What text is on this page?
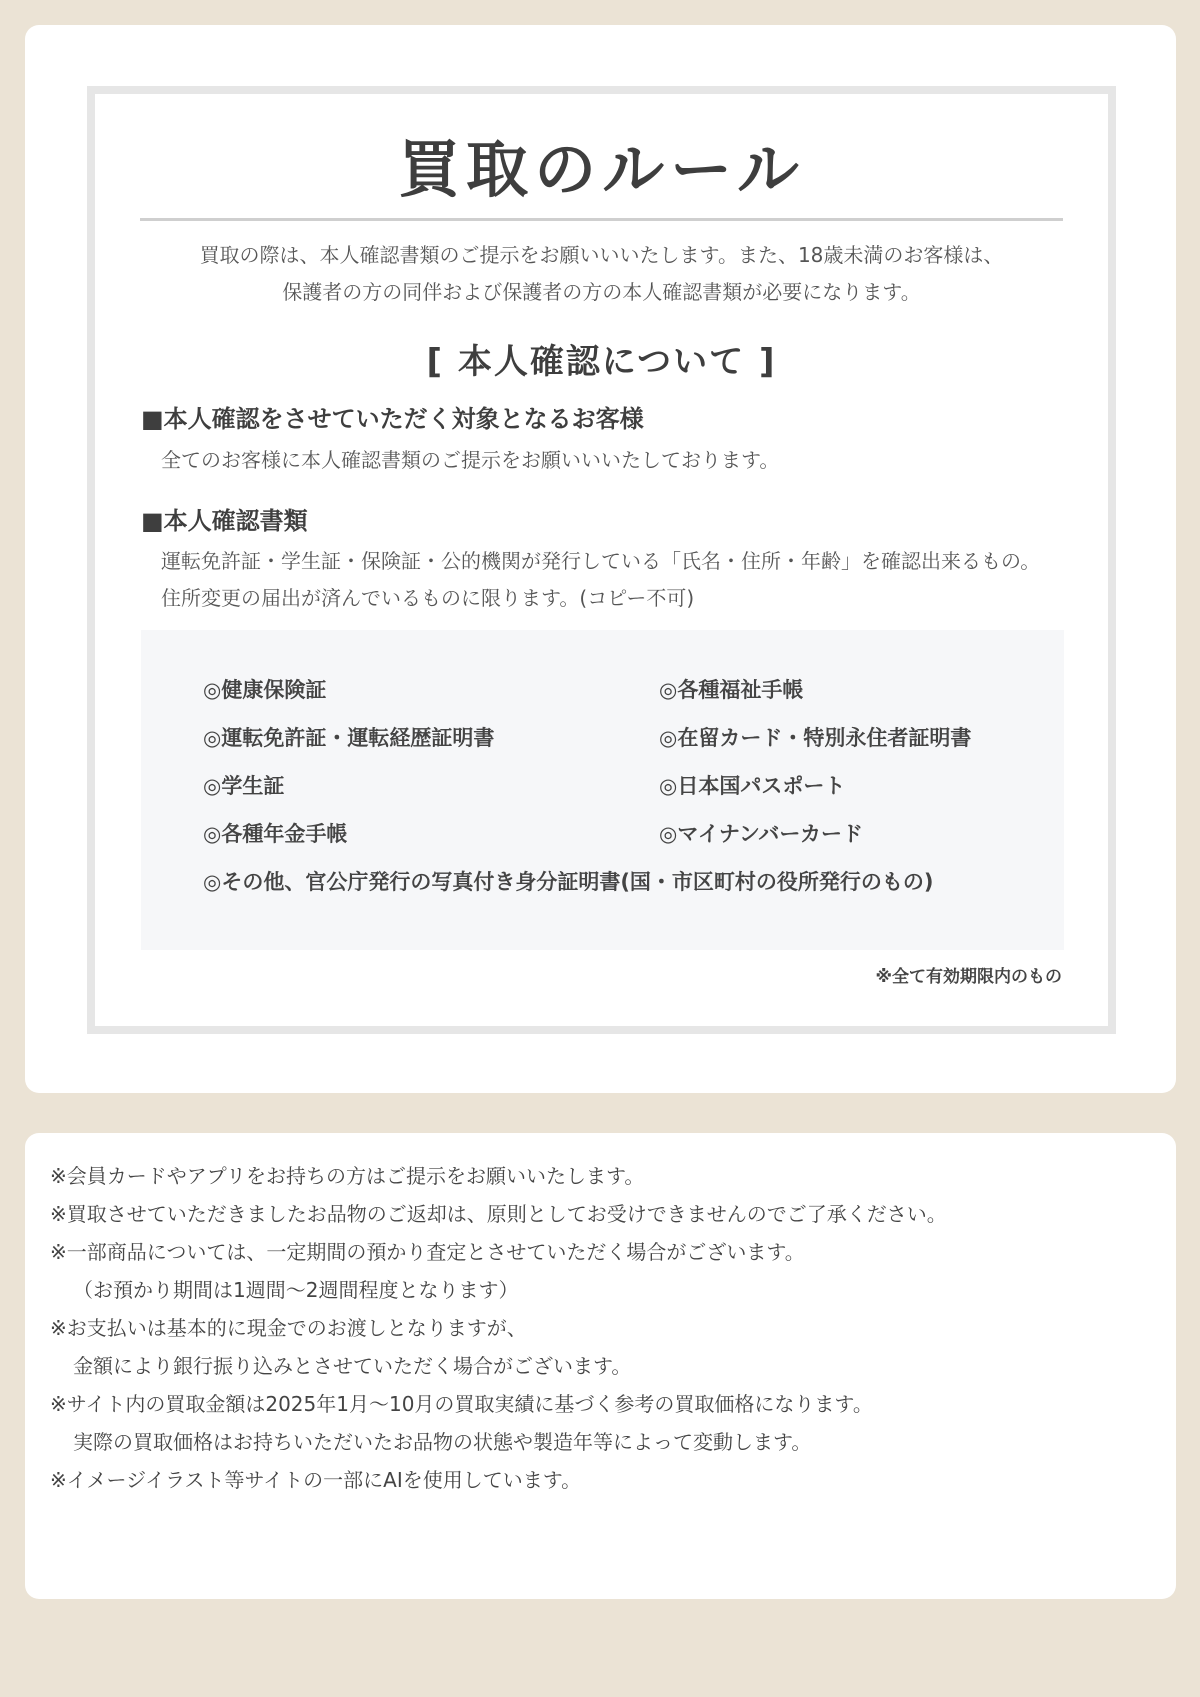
買取のルール
買取の際は、本人確認書類のご提示をお願いいいたします。また、18歳未満のお客様は、
保護者の方の同伴および保護者の方の本人確認書類が必要になります。
[ 本人確認について ]
■本人確認をさせていただく対象となるお客様
全てのお客様に本人確認書類のご提示をお願いいいたしております。
■本人確認書類
運転免許証・学生証・保険証・公的機関が発行している「氏名・住所・年齢」を確認出来るもの。
住所変更の届出が済んでいるものに限ります。(コピー不可)
◎健康保険証	◎各種福祉手帳
◎運転免許証・運転経歴証明書	◎在留カード・特別永住者証明書
◎学生証	◎日本国パスポート
◎各種年金手帳	◎マイナンバーカード
◎その他、官公庁発行の写真付き身分証明書(国・市区町村の役所発行のもの)
※全て有効期限内のもの
※会員カードやアプリをお持ちの方はご提示をお願いいたします。
※買取させていただきましたお品物のご返却は、原則としてお受けできませんのでご了承ください。
※一部商品については、一定期間の預かり査定とさせていただく場合がございます。
（お預かり期間は1週間～2週間程度となります）
※お支払いは基本的に現金でのお渡しとなりますが、
金額により銀行振り込みとさせていただく場合がございます。
※サイト内の買取金額は2025年1月～10月の買取実績に基づく参考の買取価格になります。
実際の買取価格はお持ちいただいたお品物の状態や製造年等によって変動します。
※イメージイラスト等サイトの一部にAIを使用しています。
